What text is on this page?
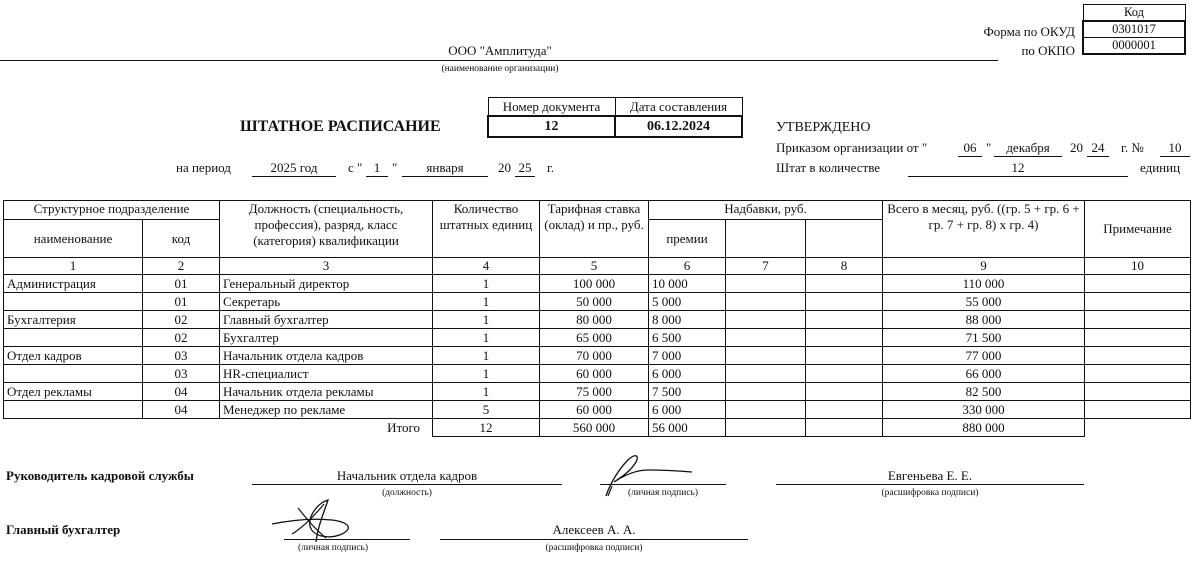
Форма по ОКУД
по ОКПО
Код
0301017
0000001
ООО "Амплитуда"
(наименование организации)
ШТАТНОЕ РАСПИСАНИЕ
Номер документа	Дата составления
12	06.12.2024
на период	2025 год	с " 1 "	января	20 25 г.
УТВЕРЖДЕНО
Приказом организации от "	06 "	декабря	20 24	г. №	10
Штат в количестве	12	единиц
Структурное подразделение		Должность (специальность, профессия), разряд, класс (категория) квалификации	Количество штатных единиц	Тарифная ставка (оклад) и пр., руб.	Надбавки, руб.			Всего в месяц, руб. ((гр. 5 + гр. 6 + гр. 7 + гр. 8) х гр. 4)	Примечание
наименование	код				премии				
1	2	3	4	5	6	7	8	9	10
Администрация	01	Генеральный директор	1	100 000	10 000			110 000	
	01	Секретарь	1	50 000	5 000			55 000	
Бухгалтерия	02	Главный бухгалтер	1	80 000	8 000			88 000	
	02	Бухгалтер	1	65 000	6 500			71 500	
Отдел кадров	03	Начальник отдела кадров	1	70 000	7 000			77 000	
	03	HR-специалист	1	60 000	6 000			66 000	
Отдел рекламы	04	Начальник отдела рекламы	1	75 000	7 500			82 500	
	04	Менеджер по рекламе	5	60 000	6 000			330 000	
		Итого	12	560 000	56 000			880 000	
Руководитель кадровой службы	Начальник отдела кадров
(должность)	(личная подпись)
Евгеньева Е. Е.
(расшифровка подписи)
Главный бухгалтер
(личная подпись)
Алексеев А. А.
(расшифровка подписи)
